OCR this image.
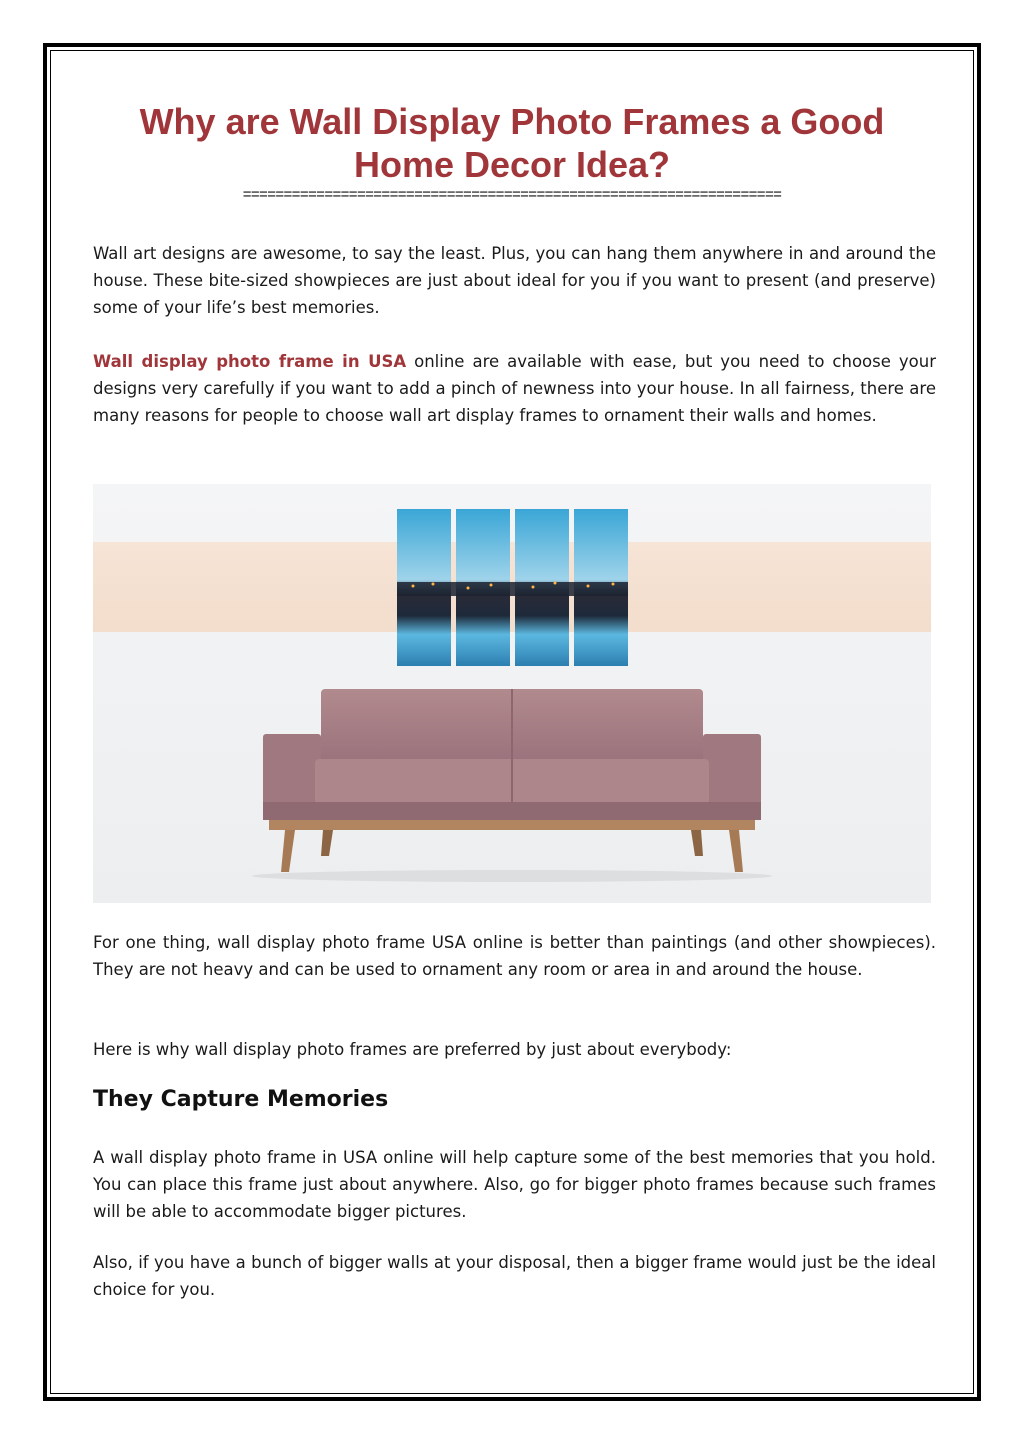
Why are Wall Display Photo Frames a Good Home Decor Idea?
==================================================================

Wall art designs are awesome, to say the least. Plus, you can hang them anywhere in and around the house. These bite-sized showpieces are just about ideal for you if you want to present (and preserve) some of your life’s best memories.

Wall display photo frame in USA online are available with ease, but you need to choose your designs very carefully if you want to add a pinch of newness into your house. In all fairness, there are many reasons for people to choose wall art display frames to ornament their walls and homes.

For one thing, wall display photo frame USA online is better than paintings (and other showpieces). They are not heavy and can be used to ornament any room or area in and around the house.

Here is why wall display photo frames are preferred by just about everybody:

They Capture Memories

A wall display photo frame in USA online will help capture some of the best memories that you hold. You can place this frame just about anywhere. Also, go for bigger photo frames because such frames will be able to accommodate bigger pictures.

Also, if you have a bunch of bigger walls at your disposal, then a bigger frame would just be the ideal choice for you.
